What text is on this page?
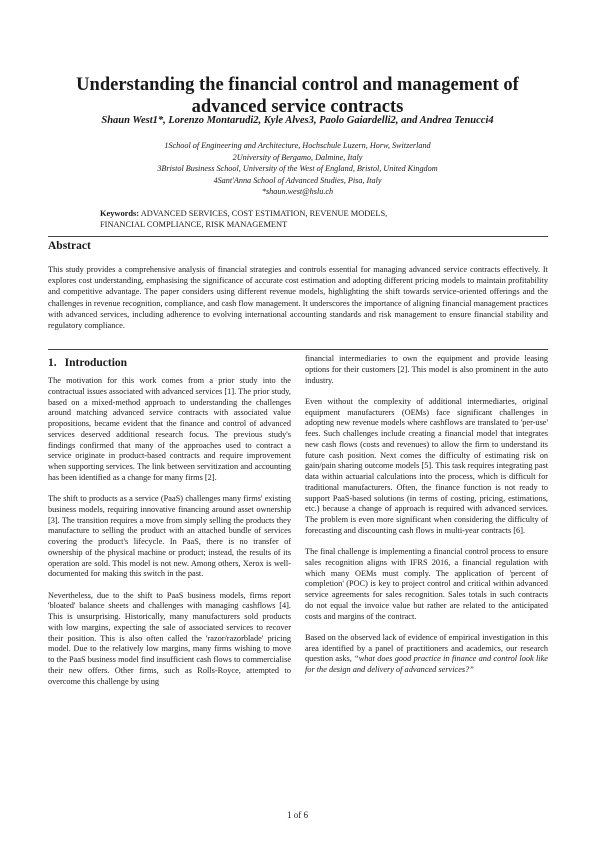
Understanding the financial control and management of
advanced service contracts
Shaun West1*, Lorenzo Montarudi2, Kyle Alves3, Paolo Gaiardelli2, and Andrea Tenucci4
1School of Engineering and Architecture, Hochschule Luzern, Horw, Switzerland
2University of Bergamo, Dalmine, Italy
3Bristol Business School, University of the West of England, Bristol, United Kingdom
4Sant'Anna School of Advanced Studies, Pisa, Italy
*shaun.west@hslu.ch
Keywords: ADVANCED SERVICES, COST ESTIMATION, REVENUE MODELS,
FINANCIAL COMPLIANCE, RISK MANAGEMENT
Abstract

This study provides a comprehensive analysis of financial strategies and controls essential for managing advanced service contracts effectively. It explores cost understanding, emphasising the significance of accurate cost estimation and adopting different pricing models to maintain profitability and competitive advantage. The paper considers using different revenue models, highlighting the shift towards service-oriented offerings and the challenges in revenue recognition, compliance, and cash flow management. It underscores the importance of aligning financial management practices with advanced services, including adherence to evolving international accounting standards and risk management to ensure financial stability and regulatory compliance.

1. Introduction

The motivation for this work comes from a prior study into the contractual issues associated with advanced services [1]. The prior study, based on a mixed-method approach to understanding the challenges around matching advanced service contracts with associated value propositions, became evident that the finance and control of advanced services deserved additional research focus. The previous study's findings confirmed that many of the approaches used to contract a service originate in product-based contracts and require improvement when supporting services. The link between servitization and accounting has been identified as a change for many firms [2].

The shift to products as a service (PaaS) challenges many firms' existing business models, requiring innovative financing around asset ownership [3]. The transition requires a move from simply selling the products they manufacture to selling the product with an attached bundle of services covering the product's lifecycle. In PaaS, there is no transfer of ownership of the physical machine or product; instead, the results of its operation are sold. This model is not new. Among others, Xerox is well-documented for making this switch in the past.

Nevertheless, due to the shift to PaaS business models, firms report 'bloated' balance sheets and challenges with managing cashflows [4]. This is unsurprising. Historically, many manufacturers sold products with low margins, expecting the sale of associated services to recover their position. This is also often called the 'razor/razorblade' pricing model. Due to the relatively low margins, many firms wishing to move to the PaaS business model find insufficient cash flows to commercialise their new offers. Other firms, such as Rolls-Royce, attempted to overcome this challenge by using

financial intermediaries to own the equipment and provide leasing options for their customers [2]. This model is also prominent in the auto industry.

Even without the complexity of additional intermediaries, original equipment manufacturers (OEMs) face significant challenges in adopting new revenue models where cashflows are translated to 'per-use' fees. Such challenges include creating a financial model that integrates new cash flows (costs and revenues) to allow the firm to understand its future cash position. Next comes the difficulty of estimating risk on gain/pain sharing outcome models [5]. This task requires integrating past data within actuarial calculations into the process, which is difficult for traditional manufacturers. Often, the finance function is not ready to support PaaS-based solutions (in terms of costing, pricing, estimations, etc.) because a change of approach is required with advanced services. The problem is even more significant when considering the difficulty of forecasting and discounting cash flows in multi-year contracts [6].

The final challenge is implementing a financial control process to ensure sales recognition aligns with IFRS 2016, a financial regulation with which many OEMs must comply. The application of 'percent of completion' (POC) is key to project control and critical within advanced service agreements for sales recognition. Sales totals in such contracts do not equal the invoice value but rather are related to the anticipated costs and margins of the contract.

Based on the observed lack of evidence of empirical investigation in this area identified by a panel of practitioners and academics, our research question asks, “what does good practice in finance and control look like for the design and delivery of advanced services?”

1 of 6
